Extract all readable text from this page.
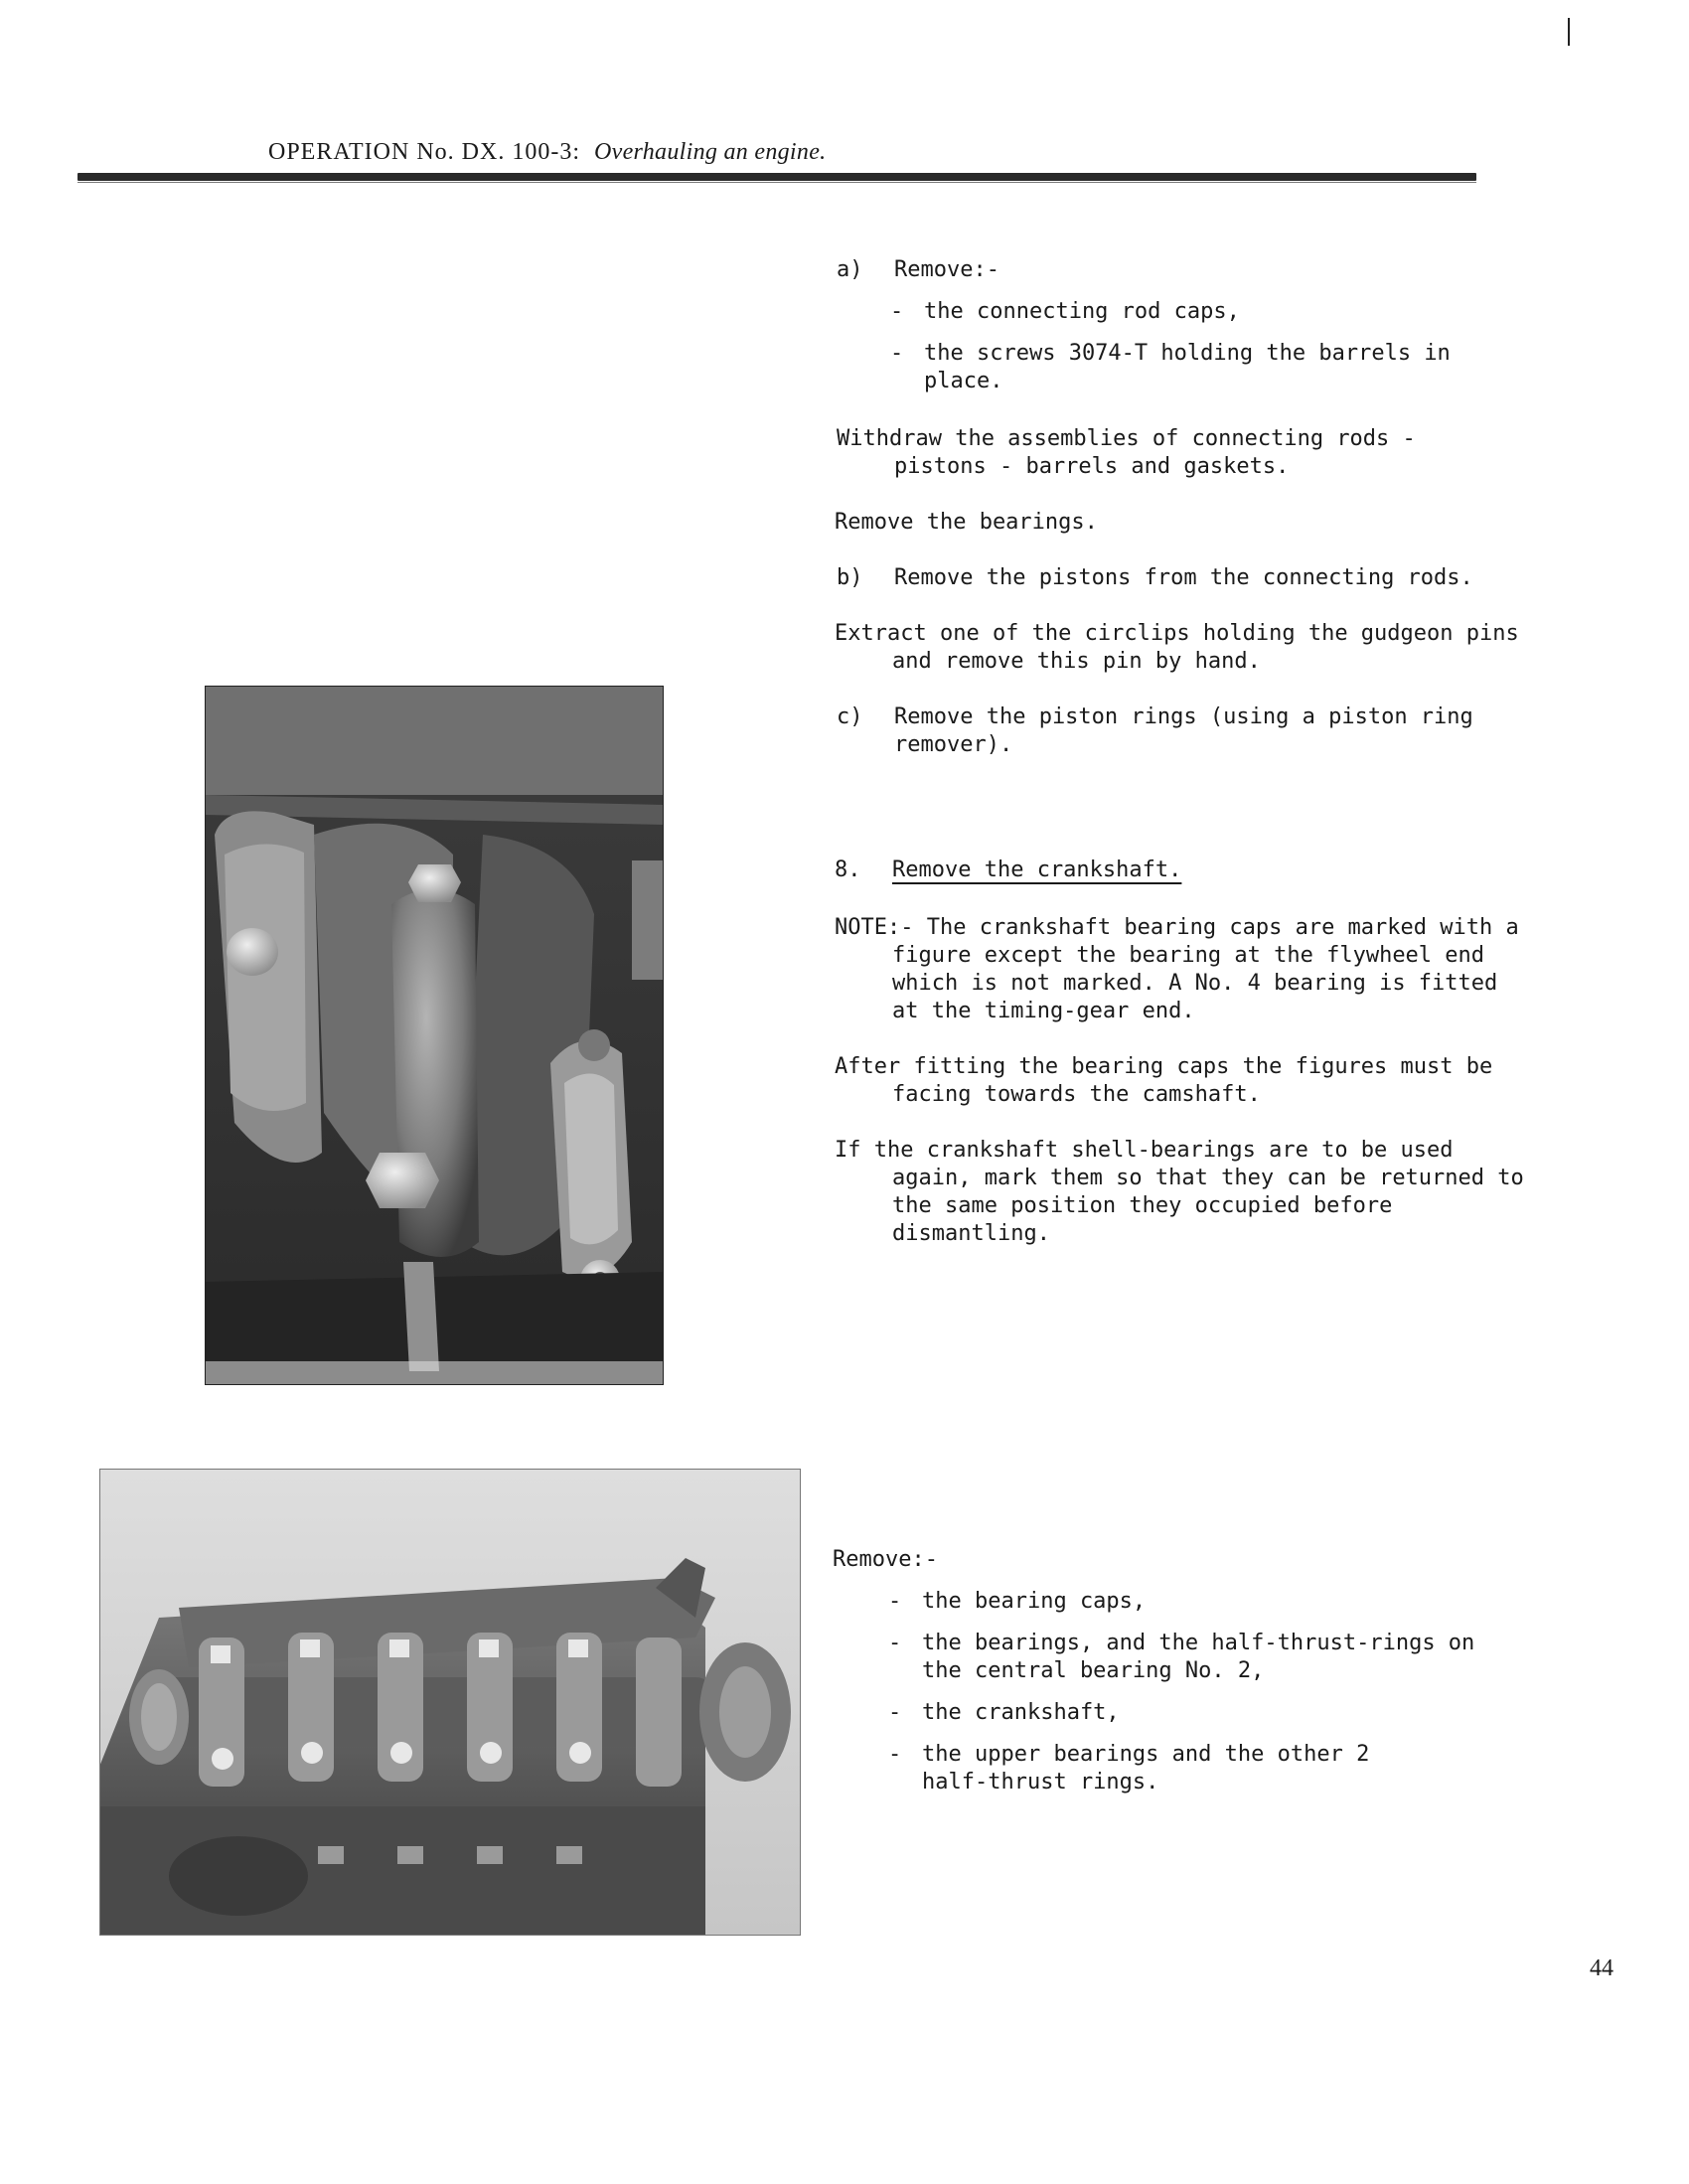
OPERATION No. DX. 100-3: Overhauling an engine.
a) Remove:-
- the connecting rod caps,
- the screws 3074-T holding the barrels in place.
Withdraw the assemblies of connecting rods - pistons - barrels and gaskets.
Remove the bearings.
b) Remove the pistons from the connecting rods.
Extract one of the circlips holding the gudgeon pins and remove this pin by hand.
c) Remove the piston rings (using a piston ring remover).
8. Remove the crankshaft.
NOTE:- The crankshaft bearing caps are marked with a figure except the bearing at the flywheel end which is not marked. A No. 4 bearing is fitted at the timing-gear end.
After fitting the bearing caps the figures must be facing towards the camshaft.
If the crankshaft shell-bearings are to be used again, mark them so that they can be returned to the same position they occupied before dismantling.
Remove:-
- the bearing caps,
- the bearings, and the half-thrust-rings on the central bearing No. 2,
- the crankshaft,
- the upper bearings and the other 2 half-thrust rings.
44
